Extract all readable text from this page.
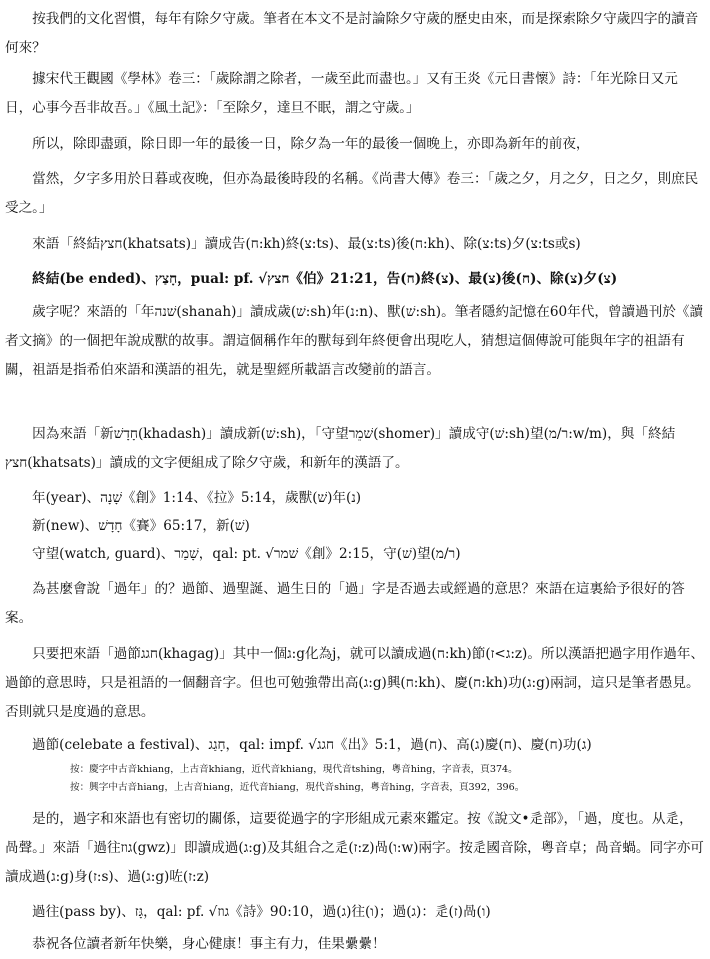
　　按我們的文化習慣，每年有除夕守歲。筆者在本文不是討論除夕守歲的歷史由來，而是探索除夕守歲四字的讀音何來？

　　據宋代王觀國《學林》卷三：「歲除謂之除者，一歲至此而盡也。」又有王炎《元日書懷》詩：「年光除日又元日，心事今吾非故吾。」《風土記》：「至除夕，達旦不眠，謂之守歲。」

　　所以，除即盡頭，除日即一年的最後一日，除夕為一年的最後一個晚上，亦即為新年的前夜，

　　當然，夕字多用於日暮或夜晚，但亦為最後時段的名稱。《尚書大傳》卷三：「歲之夕，月之夕，日之夕，則庶民受之。」

　　來語「終結חצץ(khatsats)」讀成告(ח:kh)終(צ:ts)、最(צ:ts)後(ח:kh)、除(צ:ts)夕(צ:ts或s)

　　終結(be ended)、חָצַץ，pual: pf. √חצץ《伯》21:21，告(ח)終(צ)、最(צ)後(ח)、除(צ)夕(צ)

　　歲字呢？來語的「年שׁנה(shanah)」讀成歲(שׁ:sh)年(נ:n)、獸(שׁ:sh)。筆者隱約記憶在60年代，曾讀過刊於《讀者文摘》的一個把年說成獸的故事。謂這個稱作年的獸每到年終便會出現吃人，猜想這個傳說可能與年字的祖語有關，祖語是指希伯來語和漢語的祖先，就是聖經所載語言改變前的語言。

　　因為來語「新חָדָשׁ(khadash)」讀成新(שׁ:sh)，「守望שׁמֵר(shomer)」讀成守(שׁ:sh)望(ר/מ:w/m)，與「終結חצץ(khatsats)」讀成的文字便組成了除夕守歲，和新年的漢語了。

年(year)、שָׁנָה《創》1:14、《拉》5:14，歲獸(שׁ)年(נ)

新(new)、חָדָשׁ《賽》65:17，新(שׁ)

守望(watch, guard)、שָׁמַר，qal: pt. √שׁמר《創》2:15，守(שׁ)望(ר/מ)

　　為甚麼會說「過年」的？過節、過聖誕、過生日的「過」字是否過去或經過的意思？來語在這裏給予很好的答案。

　　只要把來語「過節חגג(khagag)」其中一個ג:g化為j，就可以讀成過(ח:kh)節(ג>ז:z)。所以漢語把過字用作過年、過節的意思時，只是祖語的一個翻音字。但也可勉強帶出高(ג:g)興(ח:kh)、慶(ח:kh)功(ג:g)兩詞，這只是筆者愚見。否則就只是度過的意思。

過節(celebate a festival)、חָגַג，qal: impf. √חגג《出》5:1，過(ח)、高(ג)慶(ח)、慶(ח)功(ג)

按：慶字中古音khiang，上古音khiang，近代音khiang，現代音tshing，粵音hing，字音表，頁374。

按：興字中古音hiang，上古音hiang，近代音hiang，現代音shing，粵音hing，字音表，頁392，396。

　　是的，過字和來語也有密切的關係，這要從過字的字形組成元素來鑑定。按《說文•辵部》，「過，度也。从辵，咼聲。」來語「過往גוז(gwz)」即讀成過(ג:g)及其組合之辵(ז:z)咼(ו:w)兩字。按辵國音除，粵音卓；咼音蝸。同字亦可讀成過(ג:g)身(ז:s)、過(ג:g)咗(ז:z)

過往(pass by)、גָּז，qal: pf. √גוז《詩》90:10，過(ג)往(ו)；過(ג)：辵(ז)咼(ו)

　　恭祝各位讀者新年快樂，身心健康！事主有力，佳果纍纍！
